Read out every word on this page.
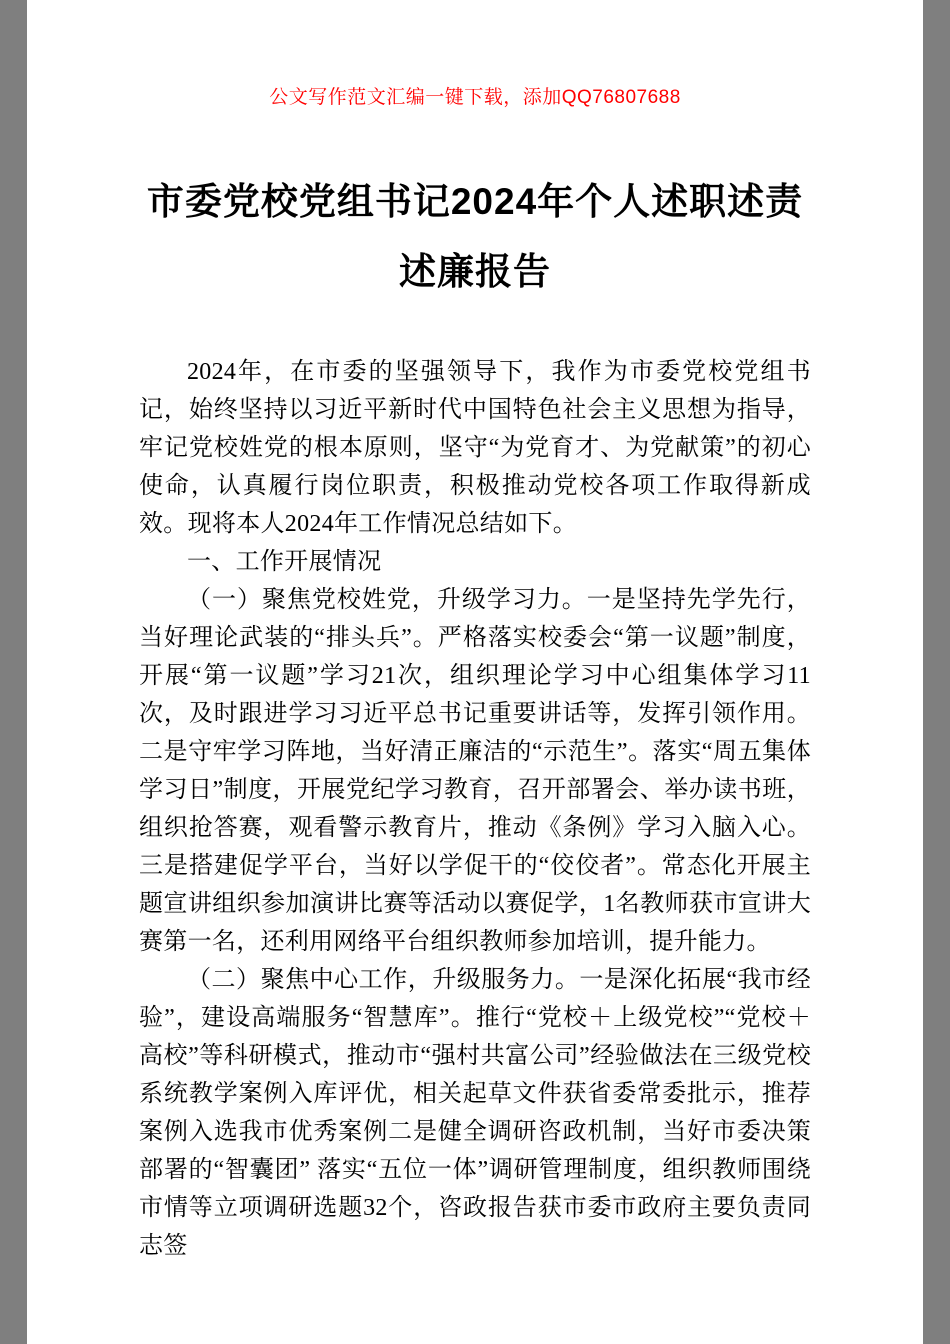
公文写作范文汇编一键下载，添加QQ76807688
市委党校党组书记2024年个人述职述责述廉报告

2024年，在市委的坚强领导下，我作为市委党校党组书记，始终坚持以习近平新时代中国特色社会主义思想为指导，牢记党校姓党的根本原则，坚守“为党育才、为党献策”的初心使命，认真履行岗位职责，积极推动党校各项工作取得新成效。现将本人2024年工作情况总结如下。

一、工作开展情况

（一）聚焦党校姓党，升级学习力。一是坚持先学先行，当好理论武装的“排头兵”。严格落实校委会“第一议题”制度，开展“第一议题”学习21次，组织理论学习中心组集体学习11次，及时跟进学习习近平总书记重要讲话等，发挥引领作用。二是守牢学习阵地，当好清正廉洁的“示范生”。落实“周五集体学习日”制度，开展党纪学习教育，召开部署会、举办读书班，组织抢答赛，观看警示教育片，推动《条例》学习入脑入心。三是搭建促学平台，当好以学促干的“佼佼者”。常态化开展主题宣讲组织参加演讲比赛等活动以赛促学，1名教师获市宣讲大赛第一名，还利用网络平台组织教师参加培训，提升能力。

（二）聚焦中心工作，升级服务力。一是深化拓展“我市经验”，建设高端服务“智慧库”。推行“党校＋上级党校”“党校＋高校”等科研模式，推动市“强村共富公司”经验做法在三级党校系统教学案例入库评优，相关起草文件获省委常委批示，推荐案例入选我市优秀案例二是健全调研咨政机制，当好市委决策部署的“智囊团” 落实“五位一体”调研管理制度，组织教师围绕市情等立项调研选题32个，咨政报告获市委市政府主要负责同志签
